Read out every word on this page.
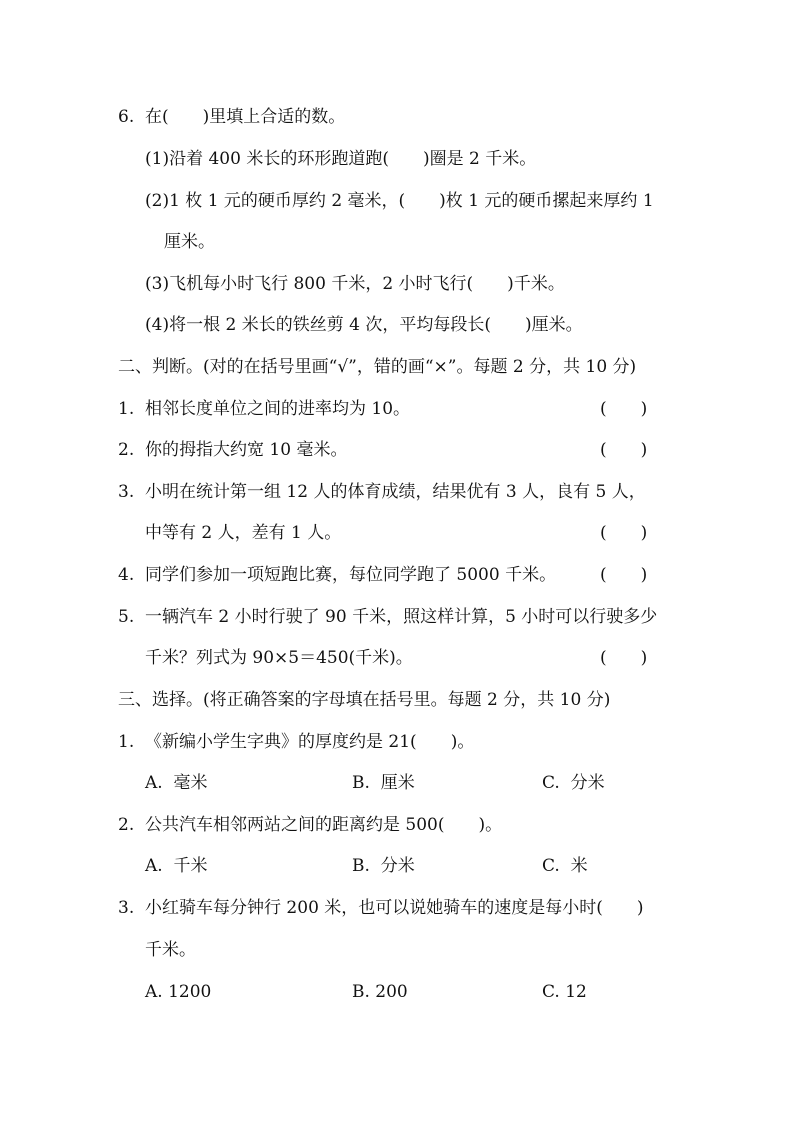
6.  在(　　)里填上合适的数。
(1)沿着 400 米长的环形跑道跑(　　)圈是 2 千米。
(2)1 枚 1 元的硬币厚约 2 毫米，(　　)枚 1 元的硬币摞起来厚约 1
厘米。
(3)飞机每小时飞行 800 千米，2 小时飞行(　　)千米。
(4)将一根 2 米长的铁丝剪 4 次，平均每段长(　　)厘米。
二、判断。(对的在括号里画“√”，错的画“×”。每题 2 分，共 10 分)
1.  相邻长度单位之间的进率均为 10。	(　　)
2.  你的拇指大约宽 10 毫米。	(　　)
3.  小明在统计第一组 12 人的体育成绩，结果优有 3 人，良有 5 人，
中等有 2 人，差有 1 人。	(　　)
4.  同学们参加一项短跑比赛，每位同学跑了 5000 千米。	(　　)
5.  一辆汽车 2 小时行驶了 90 千米，照这样计算，5 小时可以行驶多少
千米？列式为 90×5＝450(千米)。	(　　)
三、选择。(将正确答案的字母填在括号里。每题 2 分，共 10 分)
1.  《新编小学生字典》的厚度约是 21(　　)。
A.  毫米	B.  厘米	C.  分米
2.  公共汽车相邻两站之间的距离约是 500(　　)。
A.  千米	B.  分米	C.  米
3.  小红骑车每分钟行 200 米，也可以说她骑车的速度是每小时(　　)
千米。
A. 1200	B. 200	C. 12
